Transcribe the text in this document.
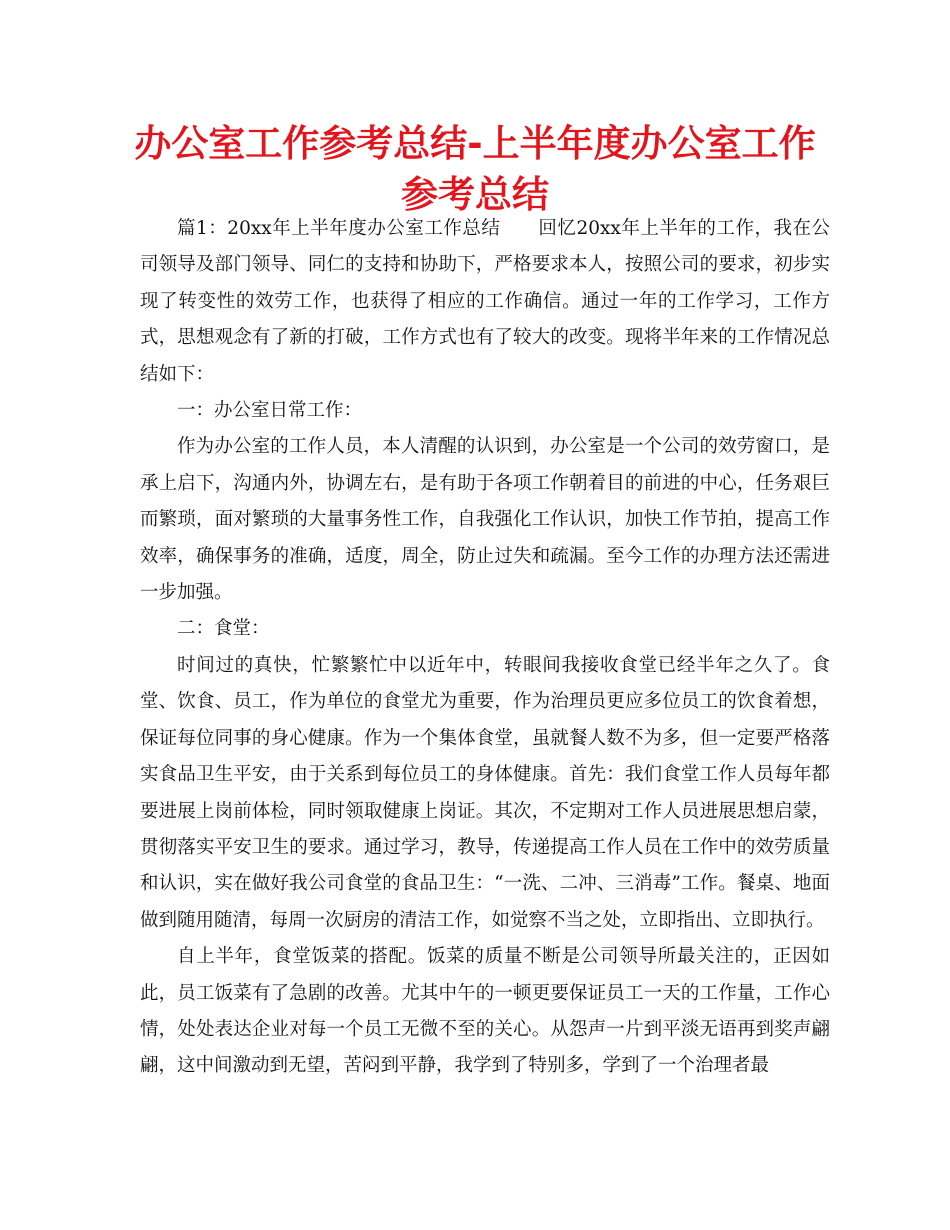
办公室工作参考总结-上半年度办公室工作参考总结

篇1：20xx年上半年度办公室工作总结　　回忆20xx年上半年的工作，我在公司领导及部门领导、同仁的支持和协助下，严格要求本人，按照公司的要求，初步实现了转变性的效劳工作，也获得了相应的工作确信。通过一年的工作学习，工作方式，思想观念有了新的打破，工作方式也有了较大的改变。现将半年来的工作情况总结如下：

一：办公室日常工作：

作为办公室的工作人员，本人清醒的认识到，办公室是一个公司的效劳窗口，是承上启下，沟通内外，协调左右，是有助于各项工作朝着目的前进的中心，任务艰巨而繁琐，面对繁琐的大量事务性工作，自我强化工作认识，加快工作节拍，提高工作效率，确保事务的准确，适度，周全，防止过失和疏漏。至今工作的办理方法还需进一步加强。

二：食堂：

时间过的真快，忙繁繁忙中以近年中，转眼间我接收食堂已经半年之久了。食堂、饮食、员工，作为单位的食堂尤为重要，作为治理员更应多位员工的饮食着想，保证每位同事的身心健康。作为一个集体食堂，虽就餐人数不为多，但一定要严格落实食品卫生平安，由于关系到每位员工的身体健康。首先：我们食堂工作人员每年都要进展上岗前体检，同时领取健康上岗证。其次，不定期对工作人员进展思想启蒙，贯彻落实平安卫生的要求。通过学习，教导，传递提高工作人员在工作中的效劳质量和认识，实在做好我公司食堂的食品卫生：“一洗、二冲、三消毒”工作。餐桌、地面做到随用随清，每周一次厨房的清洁工作，如觉察不当之处，立即指出、立即执行。

自上半年，食堂饭菜的搭配。饭菜的质量不断是公司领导所最关注的，正因如此，员工饭菜有了急剧的改善。尤其中午的一顿更要保证员工一天的工作量，工作心情，处处表达企业对每一个员工无微不至的关心。从怨声一片到平淡无语再到奖声翩翩，这中间激动到无望，苦闷到平静，我学到了特别多，学到了一个治理者最
